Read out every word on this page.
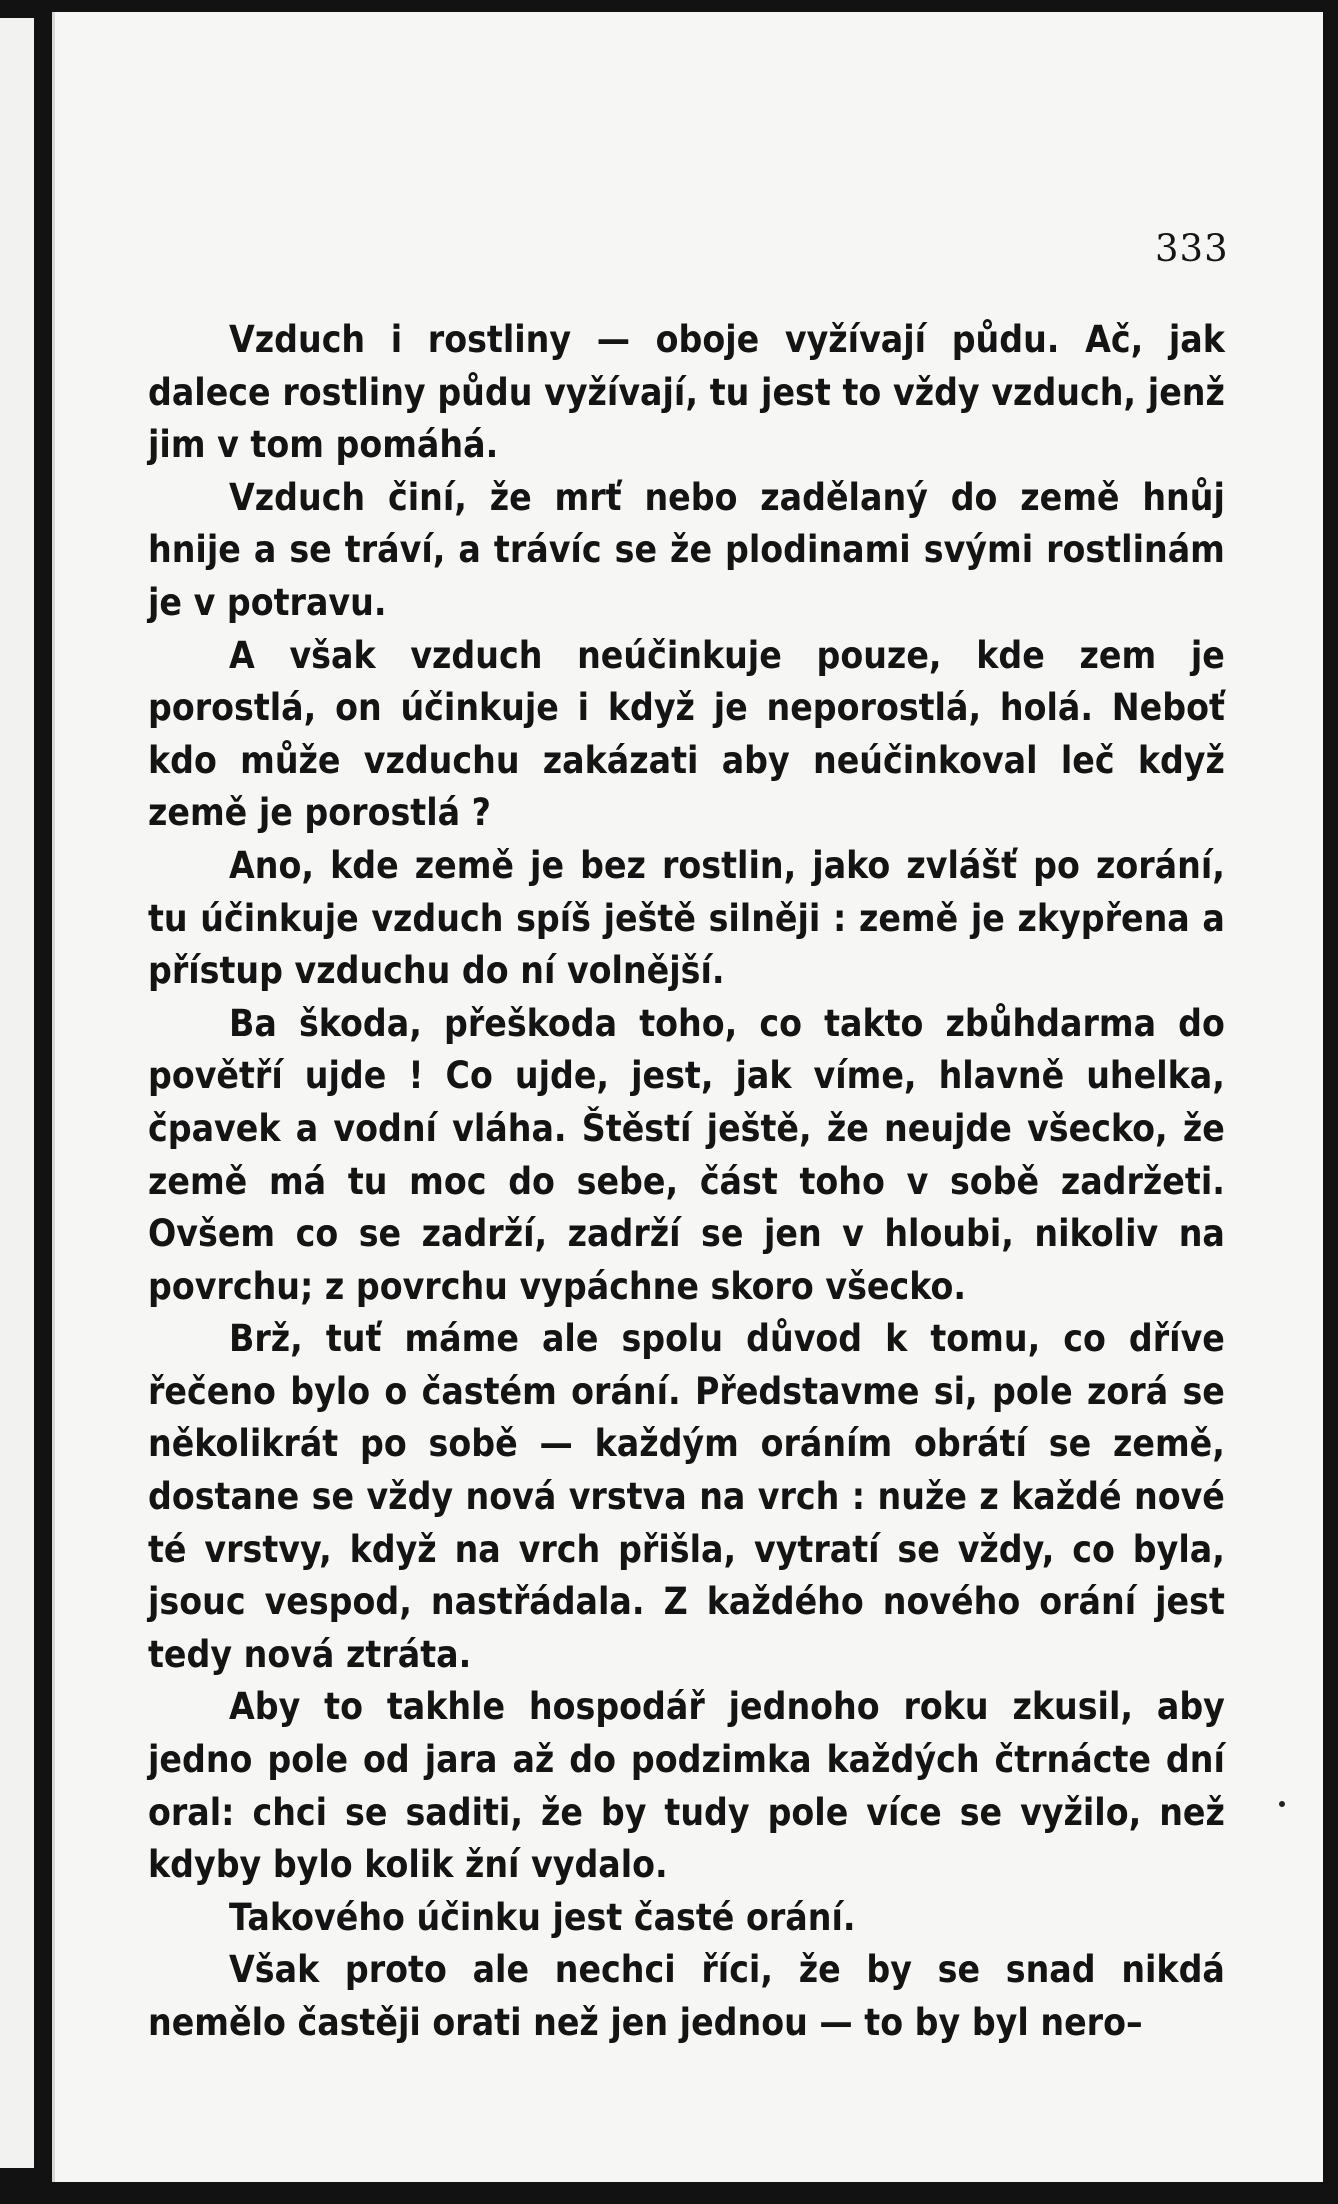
333

Vzduch i rostliny — oboje vyžívají půdu. Ač, jak dalece rostliny půdu vyžívají, tu jest to vždy vzduch, jenž jim v tom pomáhá.

Vzduch činí, že mrť nebo zadělaný do země hnůj hnije a se tráví, a trávíc se že plodinami svými rostlinám je v potravu.

A však vzduch neúčinkuje pouze, kde zem je porostlá, on účinkuje i když je neporostlá, holá. Neboť kdo může vzduchu zakázati aby neúčinkoval leč když země je porostlá ?

Ano, kde země je bez rostlin, jako zvlášť po zorání, tu účinkuje vzduch spíš ještě silněji : země je zkypřena a přístup vzduchu do ní volnější.

Ba škoda, přeškoda toho, co takto zbůhdarma do povětří ujde ! Co ujde, jest, jak víme, hlavně uhelka, čpavek a vodní vláha. Štěstí ještě, že neujde všecko, že země má tu moc do sebe, část toho v sobě zadržeti. Ovšem co se zadrží, zadrží se jen v hloubi, nikoliv na povrchu; z povrchu vypáchne skoro všecko.

Brž, tuť máme ale spolu důvod k tomu, co dříve řečeno bylo o častém orání. Představme si, pole zorá se několikrát po sobě — každým oráním obrátí se země, dostane se vždy nová vrstva na vrch : nuže z každé nové té vrstvy, když na vrch přišla, vytratí se vždy, co byla, jsouc vespod, nastřádala. Z každého nového orání jest tedy nová ztráta.

Aby to takhle hospodář jednoho roku zkusil, aby jedno pole od jara až do podzimka každých čtrnácte dní oral: chci se saditi, že by tudy pole více se vyžilo, než kdyby bylo kolik žní vydalo.

Takového účinku jest časté orání.

Však proto ale nechci říci, že by se snad nikdá nemělo častěji orati než jen jednou — to by byl nero–
